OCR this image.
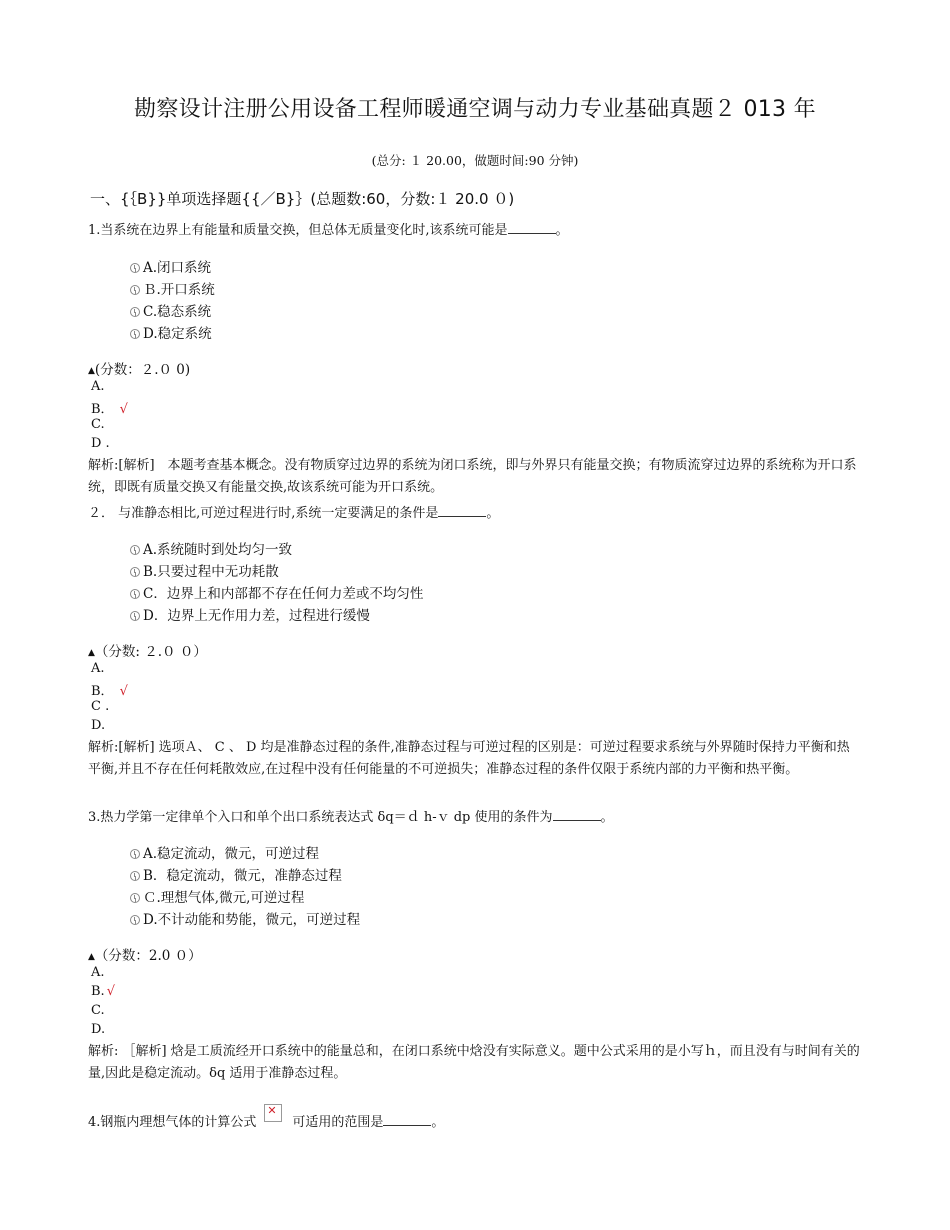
勘察设计注册公用设备工程师暖通空调与动力专业基础真题２ 013 年
(总分: １ 20.00，做题时间:90 分钟)
一、{｛B}}单项选择题{{／B}｝(总题数:60，分数:１ 20.0 ０)
1.当系统在边界上有能量和质量交换，但总体无质量变化时,该系统可能是	。
A.闭口系统
Ｂ.开口系统
C.稳态系统
D.稳定系统
▲(分数：２.０ 0)
A.
B． √
C.
D .
解析:[解析]　本题考查基本概念。没有物质穿过边界的系统为闭口系统，即与外界只有能量交换；有物质流穿过边界的系统称为开口系统，即既有质量交换又有能量交换,故该系统可能为开口系统。
２． 与准静态相比,可逆过程进行时,系统一定要满足的条件是	。
A.系统随时到处均匀一致
B.只要过程中无功耗散
C．边界上和内部都不存在任何力差或不均匀性
D．边界上无作用力差，过程进行缓慢
▲（分数: ２.０ ０）
A.
B． √
C .
D.
解析:[解析] 选项Ａ、 C 、 D 均是准静态过程的条件,准静态过程与可逆过程的区别是：可逆过程要求系统与外界随时保持力平衡和热平衡,并且不存在任何耗散效应,在过程中没有任何能量的不可逆损失；准静态过程的条件仅限于系统内部的力平衡和热平衡。
3.热力学第一定律单个入口和单个出口系统表达式 δq＝ｄ h-ｖ dp 使用的条件为	。
A.稳定流动，微元，可逆过程
B．稳定流动，微元，准静态过程
Ｃ.理想气体,微元,可逆过程
D.不计动能和势能，微元，可逆过程
▲（分数：2.0 ０）
A.
B. √
C.
D.
解析: ［解析] 焓是工质流经开口系统中的能量总和，在闭口系统中焓没有实际意义。题中公式采用的是小写ｈ，而且没有与时间有关的量,因此是稳定流动。δq 适用于准静态过程。
4.钢瓶内理想气体的计算公式✕	可适用的范围是	。
